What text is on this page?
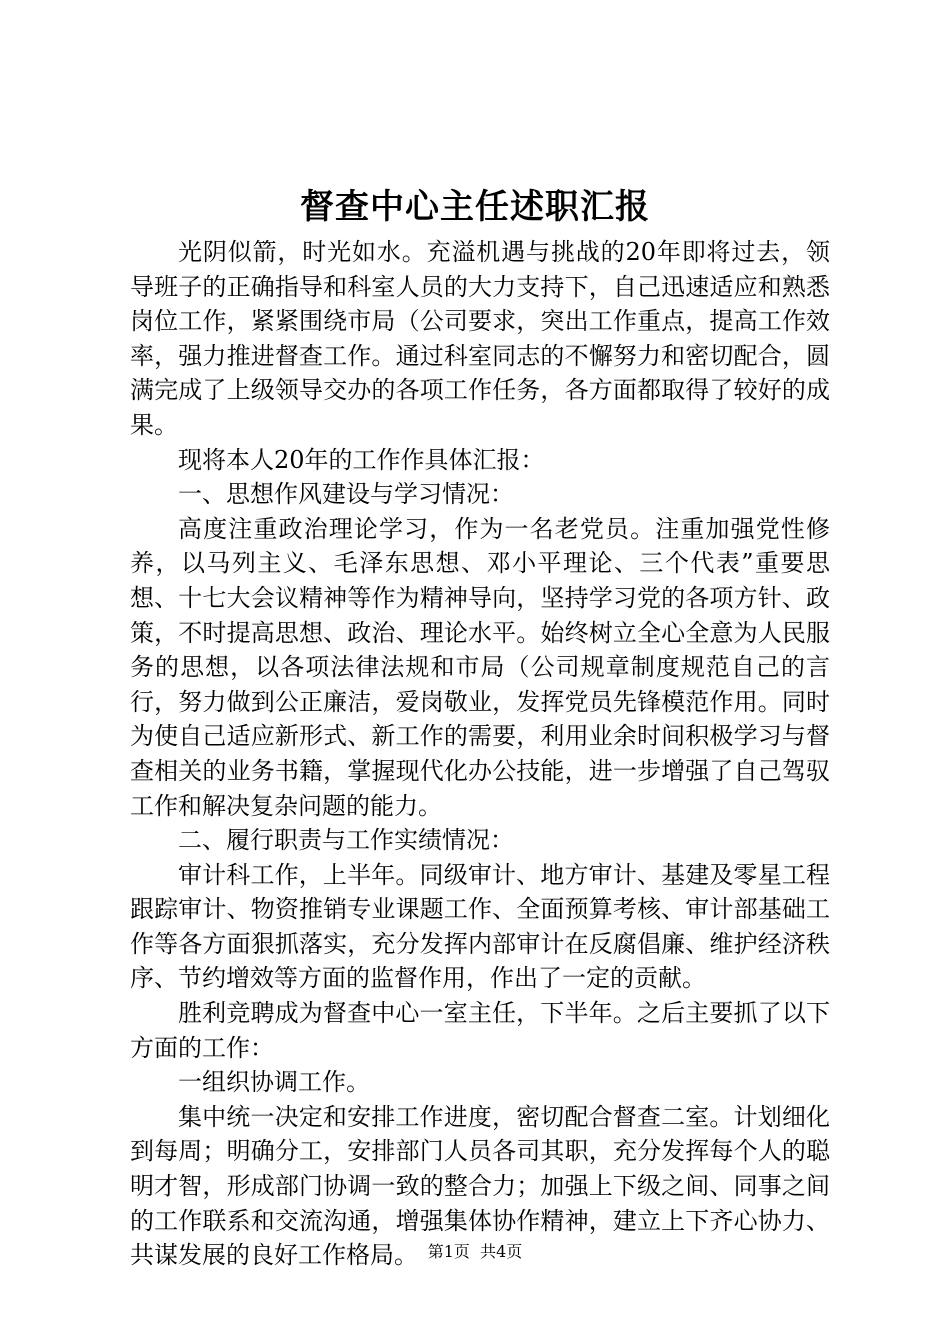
督查中心主任述职汇报

光阴似箭，时光如水。充溢机遇与挑战的20年即将过去，领导班子的正确指导和科室人员的大力支持下，自己迅速适应和熟悉岗位工作，紧紧围绕市局（公司要求，突出工作重点，提高工作效率，强力推进督查工作。通过科室同志的不懈努力和密切配合，圆满完成了上级领导交办的各项工作任务，各方面都取得了较好的成果。

现将本人20年的工作作具体汇报：

一、思想作风建设与学习情况：

高度注重政治理论学习，作为一名老党员。注重加强党性修养，以马列主义、毛泽东思想、邓小平理论、三个代表”重要思想、十七大会议精神等作为精神导向，坚持学习党的各项方针、政策，不时提高思想、政治、理论水平。始终树立全心全意为人民服务的思想，以各项法律法规和市局（公司规章制度规范自己的言行，努力做到公正廉洁，爱岗敬业，发挥党员先锋模范作用。同时为使自己适应新形式、新工作的需要，利用业余时间积极学习与督查相关的业务书籍，掌握现代化办公技能，进一步增强了自己驾驭工作和解决复杂问题的能力。

二、履行职责与工作实绩情况：

审计科工作，上半年。同级审计、地方审计、基建及零星工程跟踪审计、物资推销专业课题工作、全面预算考核、审计部基础工作等各方面狠抓落实，充分发挥内部审计在反腐倡廉、维护经济秩序、节约增效等方面的监督作用，作出了一定的贡献。

胜利竞聘成为督查中心一室主任，下半年。之后主要抓了以下方面的工作：

一组织协调工作。

集中统一决定和安排工作进度，密切配合督查二室。计划细化到每周；明确分工，安排部门人员各司其职，充分发挥每个人的聪明才智，形成部门协调一致的整合力；加强上下级之间、同事之间的工作联系和交流沟通，增强集体协作精神，建立上下齐心协力、共谋发展的良好工作格局。 第1页  共4页
